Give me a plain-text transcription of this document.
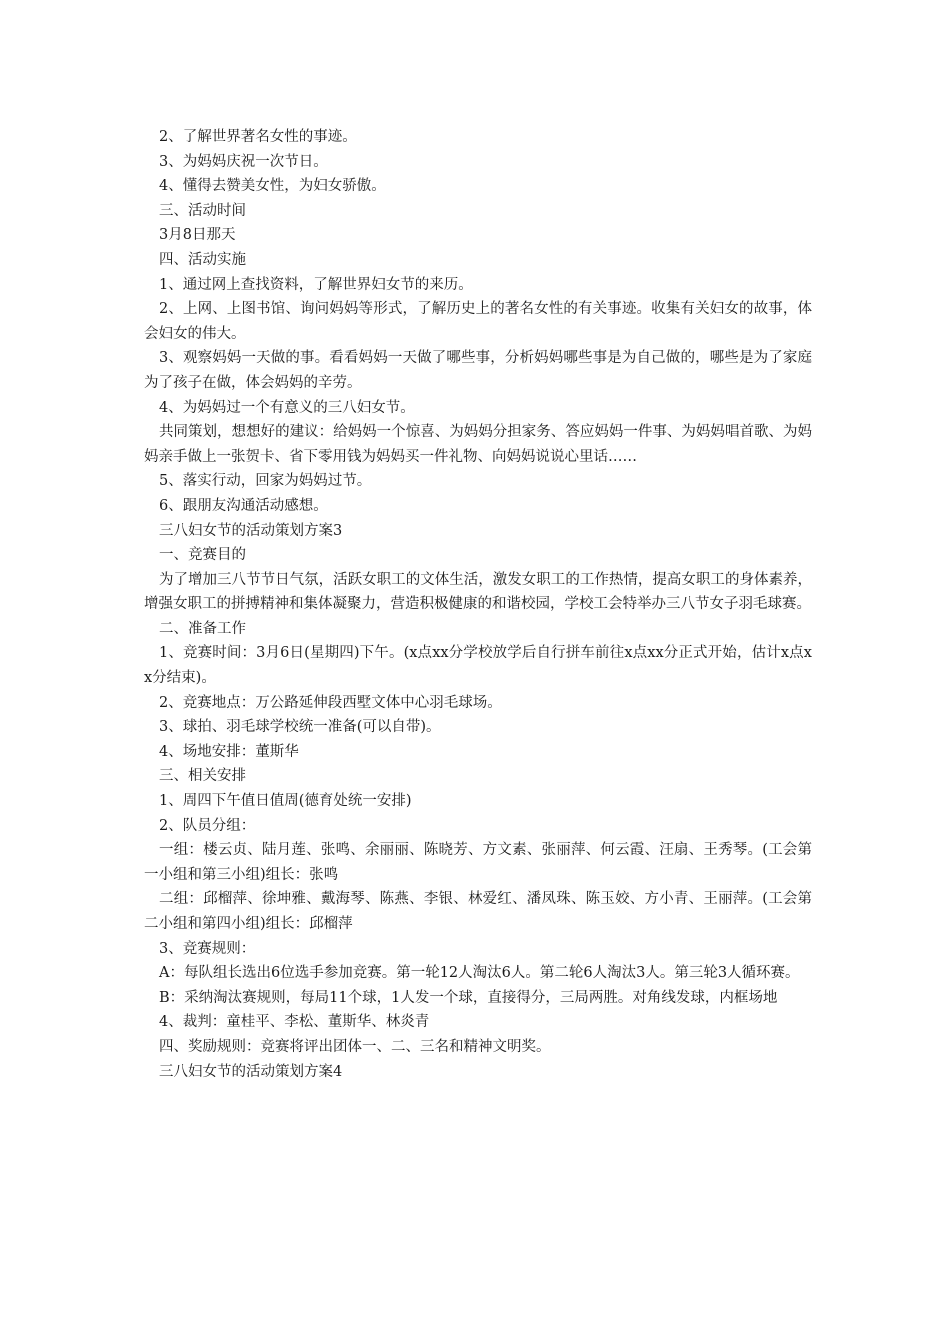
2、了解世界著名女性的事迹。

3、为妈妈庆祝一次节日。

4、懂得去赞美女性，为妇女骄傲。

三、活动时间

3月8日那天

四、活动实施

1、通过网上查找资料，了解世界妇女节的来历。

2、上网、上图书馆、询问妈妈等形式，了解历史上的著名女性的有关事迹。收集有关妇女的故事，体会妇女的伟大。

3、观察妈妈一天做的事。看看妈妈一天做了哪些事，分析妈妈哪些事是为自己做的，哪些是为了家庭为了孩子在做，体会妈妈的辛劳。

4、为妈妈过一个有意义的三八妇女节。

共同策划，想想好的建议：给妈妈一个惊喜、为妈妈分担家务、答应妈妈一件事、为妈妈唱首歌、为妈妈亲手做上一张贺卡、省下零用钱为妈妈买一件礼物、向妈妈说说心里话……

5、落实行动，回家为妈妈过节。

6、跟朋友沟通活动感想。

三八妇女节的活动策划方案3

一、竞赛目的

为了增加三八节节日气氛，活跃女职工的文体生活，激发女职工的工作热情，提高女职工的身体素养，增强女职工的拼搏精神和集体凝聚力，营造积极健康的和谐校园，学校工会特举办三八节女子羽毛球赛。

二、准备工作

1、竞赛时间：3月6日(星期四)下午。(x点xx分学校放学后自行拼车前往x点xx分正式开始，估计x点xx分结束)。

2、竞赛地点：万公路延伸段西墅文体中心羽毛球场。

3、球拍、羽毛球学校统一准备(可以自带)。

4、场地安排：董斯华

三、相关安排

1、周四下午值日值周(德育处统一安排)

2、队员分组：

一组：楼云贞、陆月莲、张鸣、余丽丽、陈晓芳、方文素、张丽萍、何云霞、汪扇、王秀琴。(工会第一小组和第三小组)组长：张鸣

二组：邱榴萍、徐坤雅、戴海琴、陈燕、李银、林爱红、潘凤珠、陈玉姣、方小青、王丽萍。(工会第二小组和第四小组)组长：邱榴萍

3、竞赛规则：

A：每队组长选出6位选手参加竞赛。第一轮12人淘汰6人。第二轮6人淘汰3人。第三轮3人循环赛。

B：采纳淘汰赛规则，每局11个球，1人发一个球，直接得分，三局两胜。对角线发球，内框场地

4、裁判：童桂平、李松、董斯华、林炎青

四、奖励规则：竞赛将评出团体一、二、三名和精神文明奖。

三八妇女节的活动策划方案4
